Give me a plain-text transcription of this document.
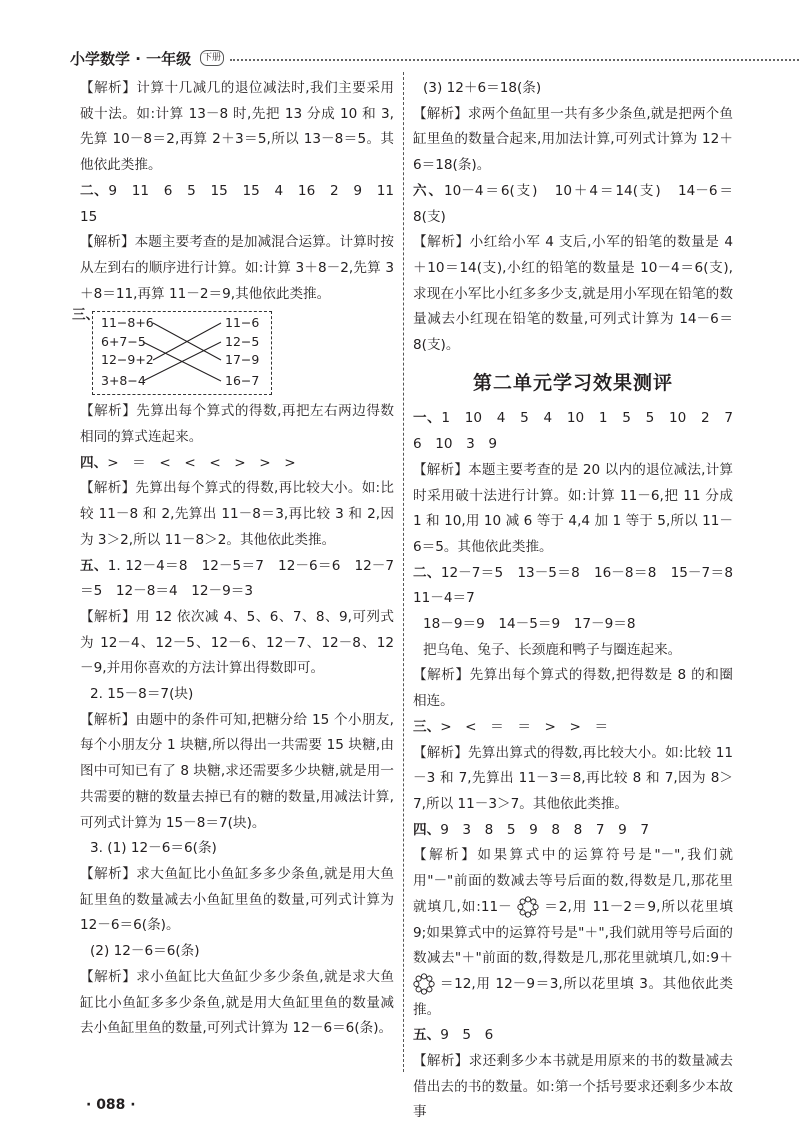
小学数学 · 一年级	下册

【解析】计算十几减几的退位减法时,我们主要采用破十法。如:计算 13－8 时,先把 13 分成 10 和 3,先算 10－8＝2,再算 2＋3＝5,所以 13－8＝5。其他依此类推。

二、9　11　6　5　15　15　4　16　2　9　11　15

【解析】本题主要考查的是加减混合运算。计算时按从左到右的顺序进行计算。如:计算 3＋8－2,先算 3＋8＝11,再算 11－2＝9,其他依此类推。

三、 11−8+6
6+7−5
12−9+2
3+8−4
11−6
12−5
17−9
16−7

【解析】先算出每个算式的得数,再把左右两边得数相同的算式连起来。

四、>　＝　<　<　<　>　>　>

【解析】先算出每个算式的得数,再比较大小。如:比较 11－8 和 2,先算出 11－8＝3,再比较 3 和 2,因为 3＞2,所以 11－8＞2。其他依此类推。

五、1. 12－4＝8　12－5＝7　12－6＝6　12－7＝5　12－8＝4　12－9＝3

【解析】用 12 依次减 4、5、6、7、8、9,可列式为 12－4、12－5、12－6、12－7、12－8、12－9,并用你喜欢的方法计算出得数即可。

2. 15－8＝7(块)

【解析】由题中的条件可知,把糖分给 15 个小朋友,每个小朋友分 1 块糖,所以得出一共需要 15 块糖,由图中可知已有了 8 块糖,求还需要多少块糖,就是用一共需要的糖的数量去掉已有的糖的数量,用减法计算,可列式计算为 15－8＝7(块)。

3. (1) 12－6＝6(条)

【解析】求大鱼缸比小鱼缸多多少条鱼,就是用大鱼缸里鱼的数量减去小鱼缸里鱼的数量,可列式计算为 12－6＝6(条)。

(2) 12－6＝6(条)

【解析】求小鱼缸比大鱼缸少多少条鱼,就是求大鱼缸比小鱼缸多多少条鱼,就是用大鱼缸里鱼的数量减去小鱼缸里鱼的数量,可列式计算为 12－6＝6(条)。

(3) 12＋6＝18(条)

【解析】求两个鱼缸里一共有多少条鱼,就是把两个鱼缸里鱼的数量合起来,用加法计算,可列式计算为 12＋6＝18(条)。

六、10－4＝6(支)　10＋4＝14(支)　14－6＝8(支)

【解析】小红给小军 4 支后,小军的铅笔的数量是 4＋10＝14(支),小红的铅笔的数量是 10－4＝6(支),求现在小军比小红多多少支,就是用小军现在铅笔的数量减去小红现在铅笔的数量,可列式计算为 14－6＝8(支)。

第二单元学习效果测评

一、1　10　4　5　4　10　1　5　5　10　2　7　6　10　3　9

【解析】本题主要考查的是 20 以内的退位减法,计算时采用破十法进行计算。如:计算 11－6,把 11 分成 1 和 10,用 10 减 6 等于 4,4 加 1 等于 5,所以 11－6＝5。其他依此类推。

二、12－7＝5　13－5＝8　16－8＝8　15－7＝8　11－4＝7

18－9＝9　14－5＝9　17－9＝8

把乌龟、兔子、长颈鹿和鸭子与圈连起来。

【解析】先算出每个算式的得数,把得数是 8 的和圈相连。

三、>　<　＝　＝　>　>　＝

【解析】先算出算式的得数,再比较大小。如:比较 11－3 和 7,先算出 11－3＝8,再比较 8 和 7,因为 8＞7,所以 11－3＞7。其他依此类推。

四、9　3　8　5　9　8　8　7　9　7

【解析】如果算式中的运算符号是"－",我们就用"－"前面的数减去等号后面的数,得数是几,那花里就填几,如:11－ ＝2,用 11－2＝9,所以花里填 9;如果算式中的运算符号是"＋",我们就用等号后面的数减去"＋"前面的数,得数是几,那花里就填几,如:9＋  ＝12,用 12－9＝3,所以花里填 3。其他依此类推。

五、9　5　6

【解析】求还剩多少本书就是用原来的书的数量减去借出去的书的数量。如:第一个括号要求还剩多少本故事

· 088 ·
